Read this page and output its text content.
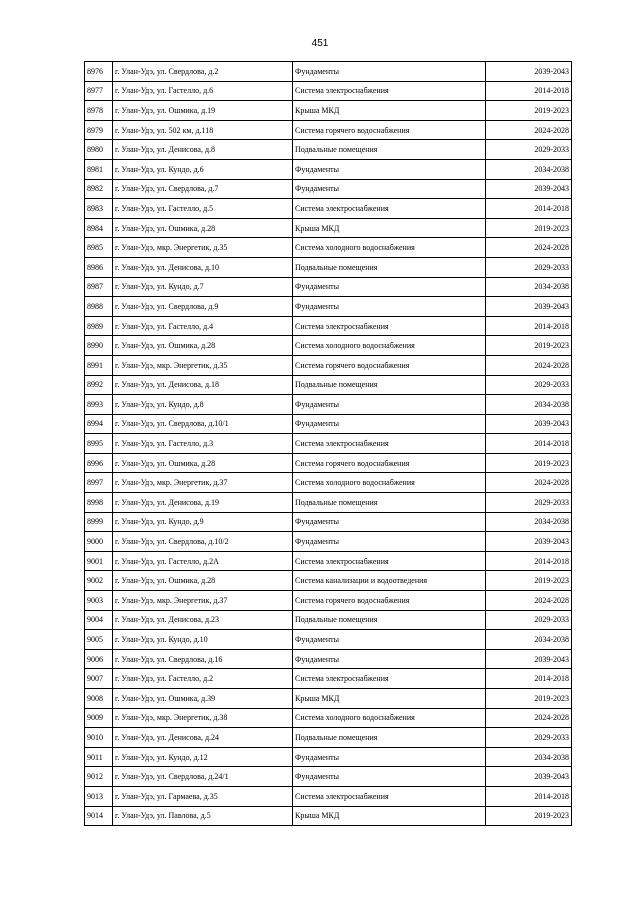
451
8976	г. Улан-Удэ, ул. Свердлова, д.2	Фундаменты	2039-2043
8977	г. Улан-Удэ, ул. Гастелло, д.6	Система электроснабжения	2014-2018
8978	г. Улан-Удэ, ул. Ошмика, д.19	Крыша МКД	2019-2023
8979	г. Улан-Удэ, ул. 502 км, д.118	Система горячего водоснабжения	2024-2028
8980	г. Улан-Удэ, ул. Денисова, д.8	Подвальные помещения	2029-2033
8981	г. Улан-Удэ, ул. Кундо, д.6	Фундаменты	2034-2038
8982	г. Улан-Удэ, ул. Свердлова, д.7	Фундаменты	2039-2043
8983	г. Улан-Удэ, ул. Гастелло, д.5	Система электроснабжения	2014-2018
8984	г. Улан-Удэ, ул. Ошмика, д.28	Крыша МКД	2019-2023
8985	г. Улан-Удэ, мкр. Энергетик, д.35	Система холодного водоснабжения	2024-2028
8986	г. Улан-Удэ, ул. Денисова, д.10	Подвальные помещения	2029-2033
8987	г. Улан-Удэ, ул. Кундо, д.7	Фундаменты	2034-2038
8988	г. Улан-Удэ, ул. Свердлова, д.9	Фундаменты	2039-2043
8989	г. Улан-Удэ, ул. Гастелло, д.4	Система электроснабжения	2014-2018
8990	г. Улан-Удэ, ул. Ошмика, д.28	Система холодного водоснабжения	2019-2023
8991	г. Улан-Удэ, мкр. Энергетик, д.35	Система горячего водоснабжения	2024-2028
8992	г. Улан-Удэ, ул. Денисова, д.18	Подвальные помещения	2029-2033
8993	г. Улан-Удэ, ул. Кундо, д.8	Фундаменты	2034-2038
8994	г. Улан-Удэ, ул. Свердлова, д.10/1	Фундаменты	2039-2043
8995	г. Улан-Удэ, ул. Гастелло, д.3	Система электроснабжения	2014-2018
8996	г. Улан-Удэ, ул. Ошмика, д.28	Система горячего водоснабжения	2019-2023
8997	г. Улан-Удэ, мкр. Энергетик, д.37	Система холодного водоснабжения	2024-2028
8998	г. Улан-Удэ, ул. Денисова, д.19	Подвальные помещения	2029-2033
8999	г. Улан-Удэ, ул. Кундо, д.9	Фундаменты	2034-2038
9000	г. Улан-Удэ, ул. Свердлова, д.10/2	Фундаменты	2039-2043
9001	г. Улан-Удэ, ул. Гастелло, д.2А	Система электроснабжения	2014-2018
9002	г. Улан-Удэ, ул. Ошмика, д.28	Система канализации и водоотведения	2019-2023
9003	г. Улан-Удэ, мкр. Энергетик, д.37	Система горячего водоснабжения	2024-2028
9004	г. Улан-Удэ, ул. Денисова, д.23	Подвальные помещения	2029-2033
9005	г. Улан-Удэ, ул. Кундо, д.10	Фундаменты	2034-2038
9006	г. Улан-Удэ, ул. Свердлова, д.16	Фундаменты	2039-2043
9007	г. Улан-Удэ, ул. Гастелло, д.2	Система электроснабжения	2014-2018
9008	г. Улан-Удэ, ул. Ошмика, д.39	Крыша МКД	2019-2023
9009	г. Улан-Удэ, мкр. Энергетик, д.38	Система холодного водоснабжения	2024-2028
9010	г. Улан-Удэ, ул. Денисова, д.24	Подвальные помещения	2029-2033
9011	г. Улан-Удэ, ул. Кундо, д.12	Фундаменты	2034-2038
9012	г. Улан-Удэ, ул. Свердлова, д.24/1	Фундаменты	2039-2043
9013	г. Улан-Удэ, ул. Гармаева, д.35	Система электроснабжения	2014-2018
9014	г. Улан-Удэ, ул. Павлова, д.5	Крыша МКД	2019-2023
